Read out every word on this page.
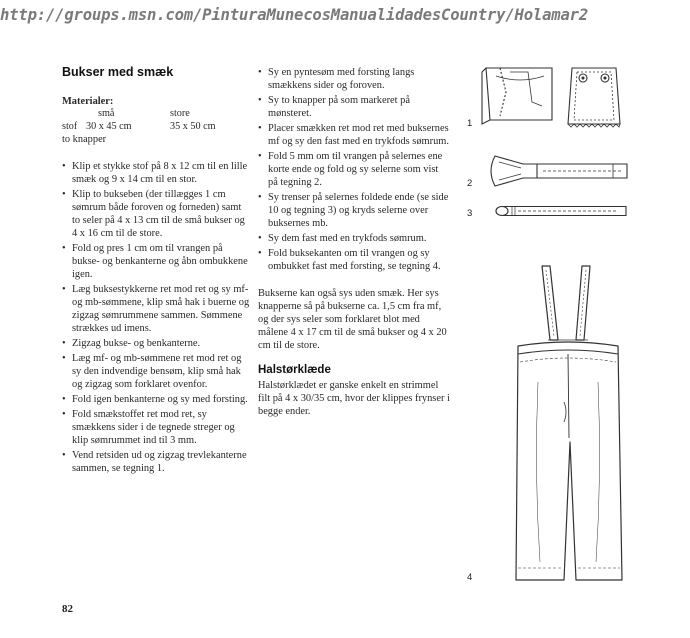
http://groups.msn.com/PinturaMunecosManualidadesCountry/Holamar2
Bukser med smæk

Materialer:

	små	store
stof	30 x 45 cm	35 x 50 cm

to knapper

• Klip et stykke stof på 8 x 12 cm til en lille smæk og 9 x 14 cm til en stor.
• Klip to bukseben (der tillægges 1 cm sømrum både foroven og forneden) samt to seler på 4 x 13 cm til de små bukser og 4 x 16 cm til de store.
• Fold og pres 1 cm om til vrangen på bukse- og benkanterne og åbn ombukkene igen.
• Læg buksestykkerne ret mod ret og sy mf- og mb-sømmene, klip små hak i buerne og zigzag sømrummene sammen. Sømmene strækkes ud imens.
• Zigzag bukse- og benkanterne.
• Læg mf- og mb-sømmene ret mod ret og sy den indvendige bensøm, klip små hak og zigzag som forklaret ovenfor.
• Fold igen benkanterne og sy med forsting.
• Fold smækstoffet ret mod ret, sy smækkens sider i de tegnede streger og klip sømrummet ind til 3 mm.
• Vend retsiden ud og zigzag trevlekanterne sammen, se tegning 1.
• Sy en pyntesøm med forsting langs smækkens sider og foroven.
• Sy to knapper på som markeret på mønsteret.
• Placer smækken ret mod ret med buksernes mf og sy den fast med en trykfods sømrum.
• Fold 5 mm om til vrangen på selernes ene korte ende og fold og sy selerne som vist på tegning 2.
• Sy trenser på selernes foldede ende (se side 10 og tegning 3) og kryds selerne over buksernes mb.
• Sy dem fast med en trykfods sømrum.
• Fold buksekanten om til vrangen og sy ombukket fast med forsting, se tegning 4.

Bukserne kan også sys uden smæk. Her sys knapperne så på bukserne ca. 1,5 cm fra mf, og der sys seler som forklaret blot med målene 4 x 17 cm til de små bukser og 4 x 20 cm til de store.

Halstørklæde

Halstørklædet er ganske enkelt en strimmel filt på 4 x 30/35 cm, hvor der klippes frynser i begge ender.

82
1
2
3
4
